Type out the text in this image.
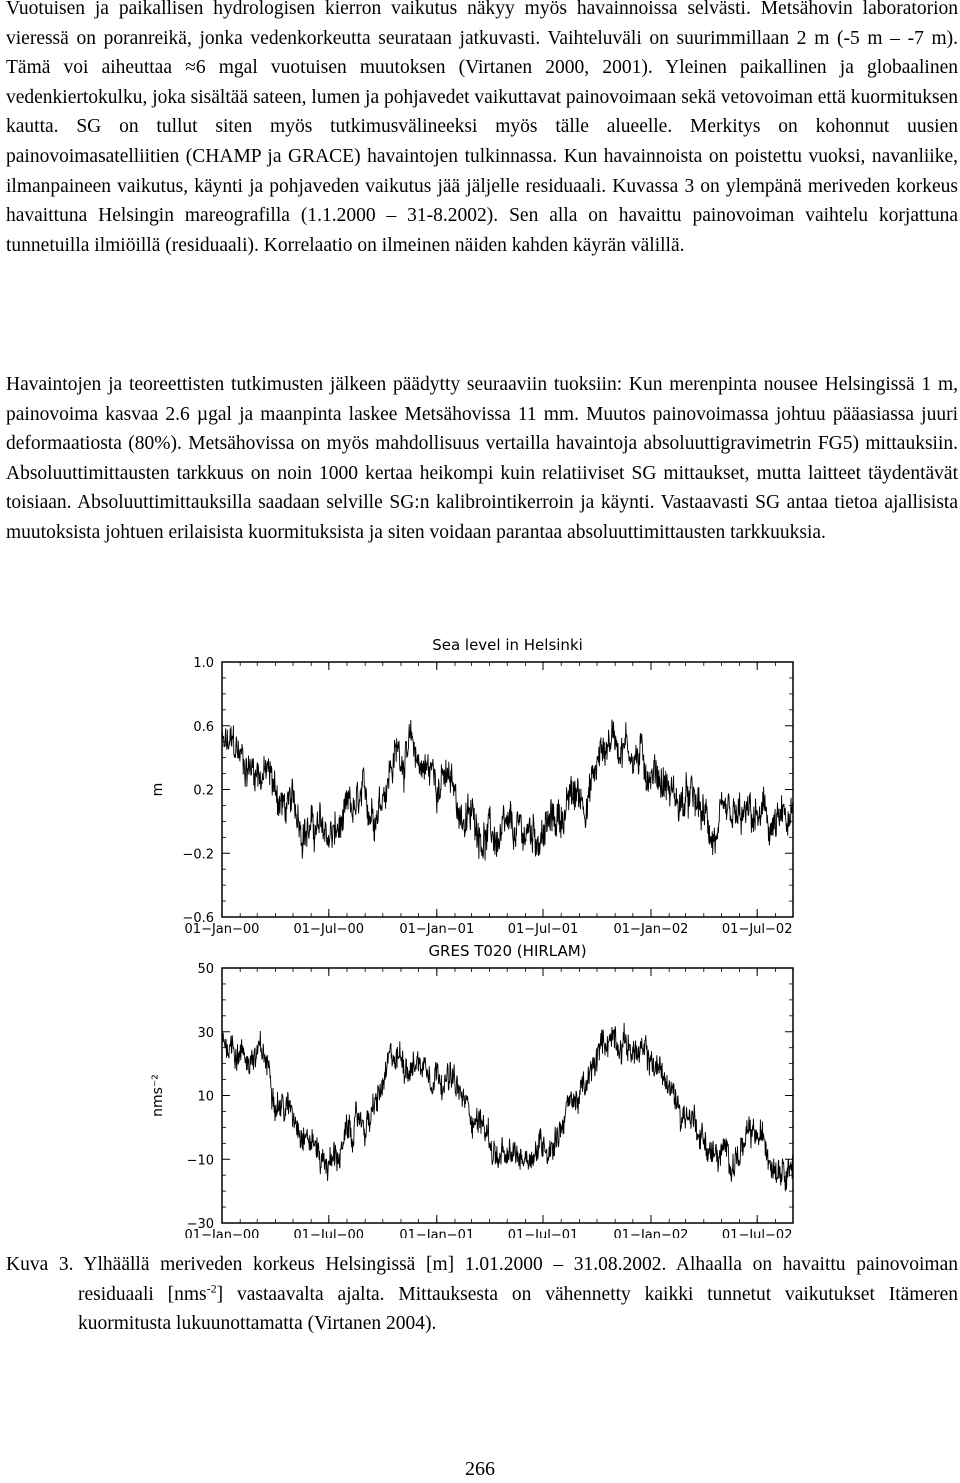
Vuotuisen ja paikallisen hydrologisen kierron vaikutus näkyy myös havainnoissa selvästi. Metsähovin laboratorion vieressä on poranreikä, jonka vedenkorkeutta seurataan jatkuvasti. Vaihteluväli on suurimmillaan 2 m (-5 m – -7 m). Tämä voi aiheuttaa ≈6 mgal vuotuisen muutoksen (Virtanen 2000, 2001). Yleinen paikallinen ja globaalinen vedenkiertokulku, joka sisältää sateen, lumen ja pohjavedet vaikuttavat painovoimaan sekä vetovoiman että kuormituksen kautta. SG on tullut siten myös tutkimusvälineeksi myös tälle alueelle. Merkitys on kohonnut uusien painovoimasatelliitien (CHAMP ja GRACE) havaintojen tulkinnassa. Kun havainnoista on poistettu vuoksi, navanliike, ilmanpaineen vaikutus, käynti ja pohjaveden vaikutus jää jäljelle residuaali. Kuvassa 3 on ylempänä meriveden korkeus havaittuna Helsingin mareografilla (1.1.2000 – 31-8.2002). Sen alla on havaittu painovoiman vaihtelu korjattuna tunnetuilla ilmiöillä (residuaali). Korrelaatio on ilmeinen näiden kahden käyrän välillä.

Havaintojen ja teoreettisten tutkimusten jälkeen päädytty seuraaviin tuoksiin: Kun merenpinta nousee Helsingissä 1 m, painovoima kasvaa 2.6 µgal ja maanpinta laskee Metsähovissa 11 mm. Muutos painovoimassa johtuu pääasiassa juuri deformaatiosta (80%). Metsähovissa on myös mahdollisuus vertailla havaintoja absoluuttigravimetrin FG5) mittauksiin. Absoluuttimittausten tarkkuus on noin 1000 kertaa heikompi kuin relatiiviset SG mittaukset, mutta laitteet täydentävät toisiaan. Absoluuttimittauksilla saadaan selville SG:n kalibrointikerroin ja käynti. Vastaavasti SG antaa tietoa ajallisista muutoksista johtuen erilaisista kuormituksista ja siten voidaan parantaa absoluuttimittausten tarkkuuksia.

Sea level in Helsinki
m
1.0
0.6
0.2
−0.2
−0.6
01−Jan−00	01−Jul−00	01−Jan−01	01−Jul−01	01−Jan−02	01−Jul−02
GRES T020 (HIRLAM)
nms⁻²
50
30
10
−10
−30
01−Jan−00	01−Jul−00	01−Jan−01	01−Jul−01	01−Jan−02	01−Jul−02
Kuva 3. Ylhäällä meriveden korkeus Helsingissä [m] 1.01.2000 – 31.08.2002. Alhaalla on havaittu painovoiman residuaali [nms$^{-2}$] vastaavalta ajalta. Mittauksesta on vähennetty kaikki tunnetut vaikutukset Itämeren kuormitusta lukuunottamatta (Virtanen 2004).
266
